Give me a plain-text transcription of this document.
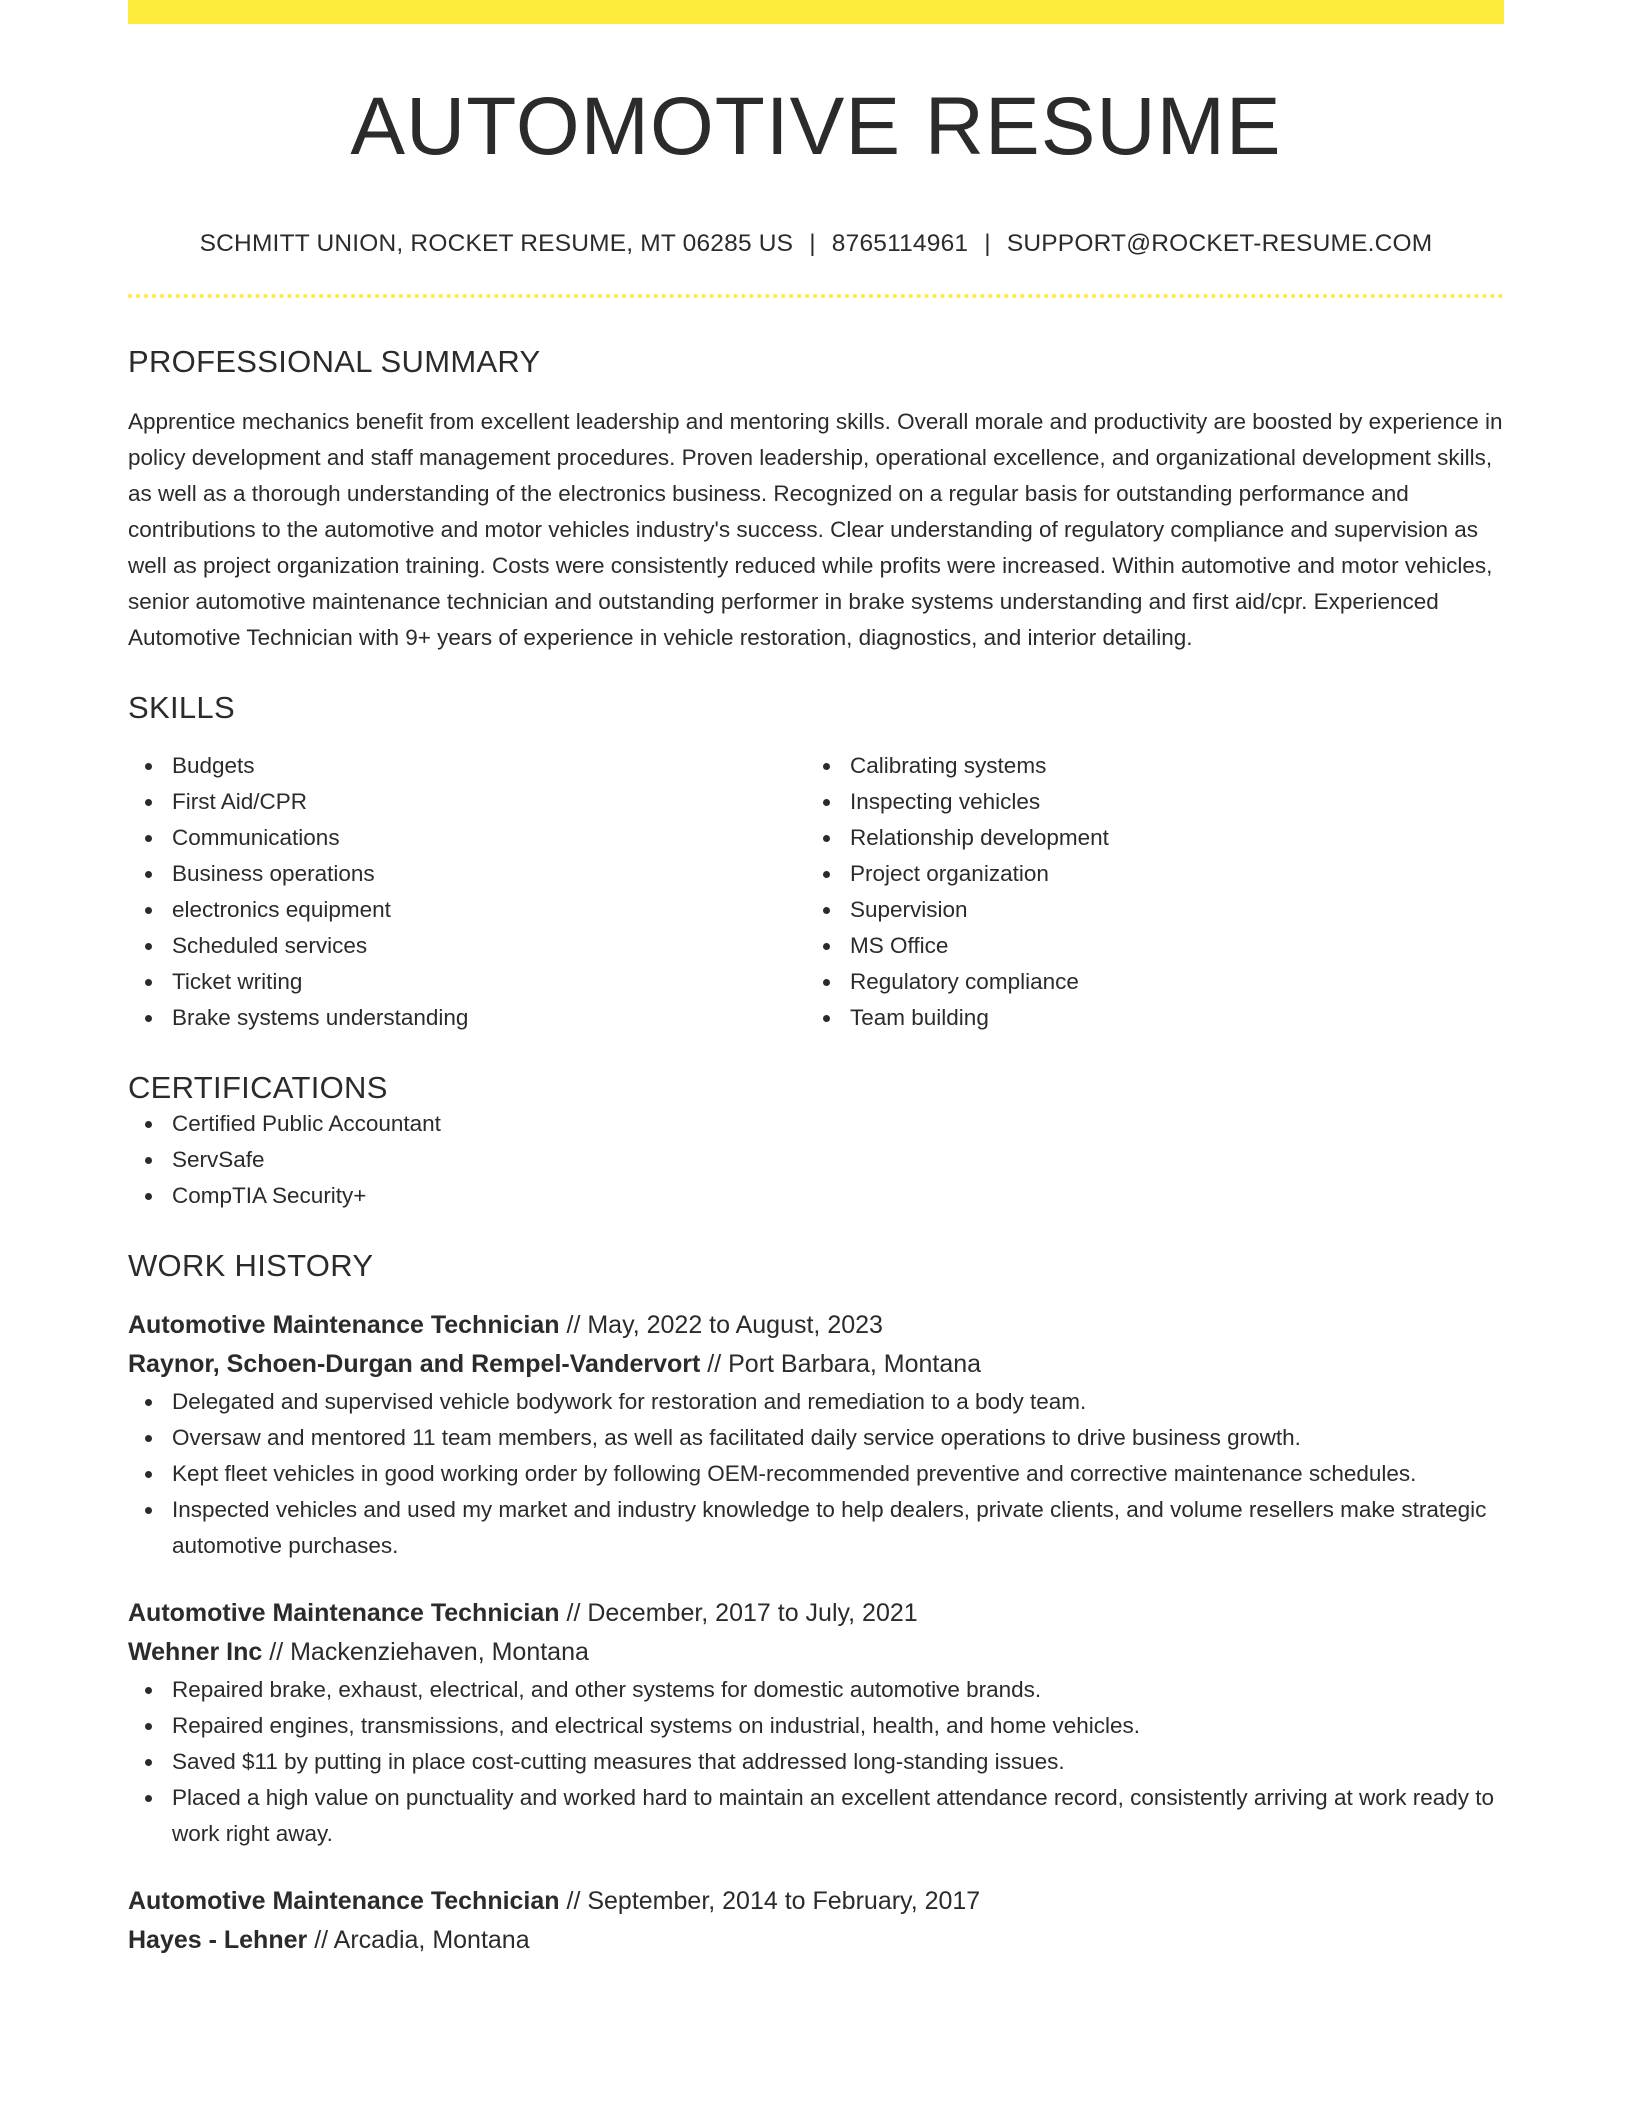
AUTOMOTIVE RESUME
SCHMITT UNION, ROCKET RESUME, MT 06285 US | 8765114961 | SUPPORT@ROCKET-RESUME.COM
PROFESSIONAL SUMMARY

Apprentice mechanics benefit from excellent leadership and mentoring skills. Overall morale and productivity are boosted by experience in policy development and staff management procedures. Proven leadership, operational excellence, and organizational development skills, as well as a thorough understanding of the electronics business. Recognized on a regular basis for outstanding performance and contributions to the automotive and motor vehicles industry's success. Clear understanding of regulatory compliance and supervision as well as project organization training. Costs were consistently reduced while profits were increased. Within automotive and motor vehicles, senior automotive maintenance technician and outstanding performer in brake systems understanding and first aid/cpr. Experienced Automotive Technician with 9+ years of experience in vehicle restoration, diagnostics, and interior detailing.

SKILLS
Budgets
First Aid/CPR
Communications
Business operations
electronics equipment
Scheduled services
Ticket writing
Brake systems understanding
Calibrating systems
Inspecting vehicles
Relationship development
Project organization
Supervision
MS Office
Regulatory compliance
Team building
CERTIFICATIONS
Certified Public Accountant
ServSafe
CompTIA Security+
WORK HISTORY
Automotive Maintenance Technician // May, 2022 to August, 2023
Raynor, Schoen-Durgan and Rempel-Vandervort // Port Barbara, Montana
Delegated and supervised vehicle bodywork for restoration and remediation to a body team.
Oversaw and mentored 11 team members, as well as facilitated daily service operations to drive business growth.
Kept fleet vehicles in good working order by following OEM-recommended preventive and corrective maintenance schedules.
Inspected vehicles and used my market and industry knowledge to help dealers, private clients, and volume resellers make strategic automotive purchases.
Automotive Maintenance Technician // December, 2017 to July, 2021
Wehner Inc // Mackenziehaven, Montana
Repaired brake, exhaust, electrical, and other systems for domestic automotive brands.
Repaired engines, transmissions, and electrical systems on industrial, health, and home vehicles.
Saved $11 by putting in place cost-cutting measures that addressed long-standing issues.
Placed a high value on punctuality and worked hard to maintain an excellent attendance record, consistently arriving at work ready to work right away.
Automotive Maintenance Technician // September, 2014 to February, 2017
Hayes - Lehner // Arcadia, Montana
